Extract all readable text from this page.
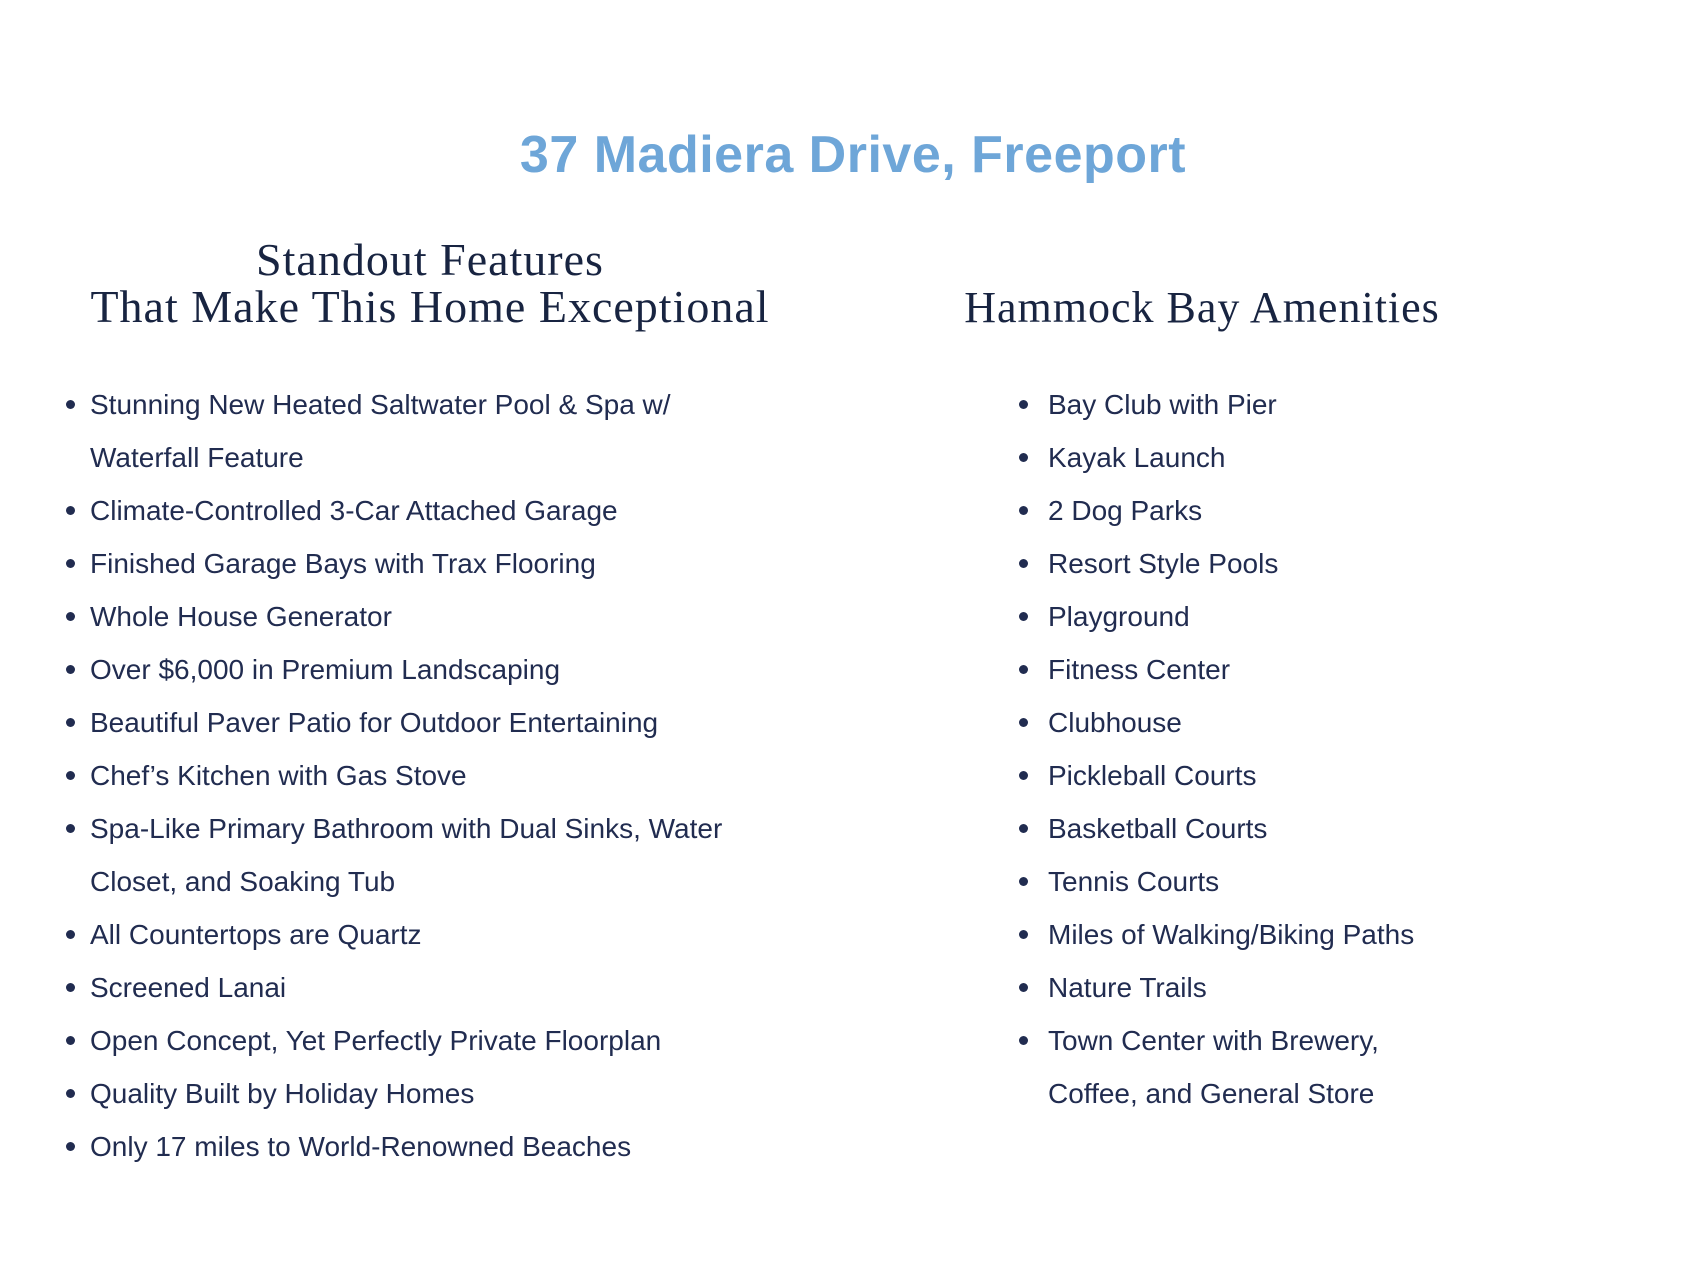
37 Madiera Drive, Freeport
Standout Features
That Make This Home Exceptional	Hammock Bay Amenities
Stunning New Heated Saltwater Pool & Spa w/ Waterfall Feature
Climate-Controlled 3-Car Attached Garage
Finished Garage Bays with Trax Flooring
Whole House Generator
Over $6,000 in Premium Landscaping
Beautiful Paver Patio for Outdoor Entertaining
Chef’s Kitchen with Gas Stove
Spa-Like Primary Bathroom with Dual Sinks, Water Closet, and Soaking Tub
All Countertops are Quartz
Screened Lanai
Open Concept, Yet Perfectly Private Floorplan
Quality Built by Holiday Homes
Only 17 miles to World-Renowned Beaches
Bay Club with Pier
Kayak Launch
2 Dog Parks
Resort Style Pools
Playground
Fitness Center
Clubhouse
Pickleball Courts
Basketball Courts
Tennis Courts
Miles of Walking/Biking Paths
Nature Trails
Town Center with Brewery, Coffee, and General Store
